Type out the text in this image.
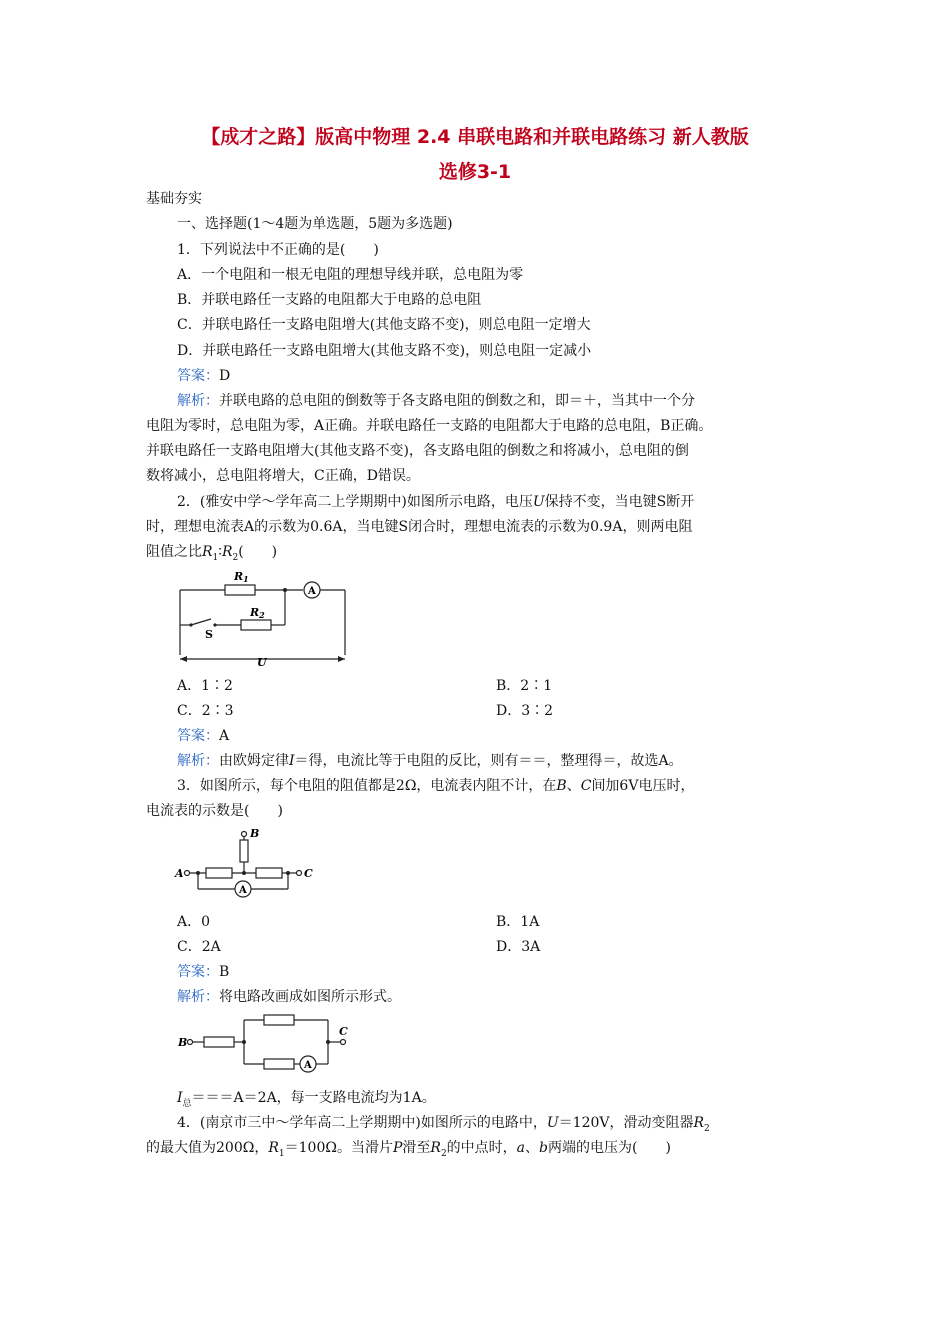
【成才之路】版高中物理 2.4 串联电路和并联电路练习 新人教版
选修3-1
基础夯实
一、选择题(1～4题为单选题，5题为多选题)
1．下列说法中不正确的是(　　)
A．一个电阻和一根无电阻的理想导线并联，总电阻为零
B．并联电路任一支路的电阻都大于电路的总电阻
C．并联电路任一支路电阻增大(其他支路不变)，则总电阻一定增大
D．并联电路任一支路电阻增大(其他支路不变)，则总电阻一定减小
答案：D
解析：并联电路的总电阻的倒数等于各支路电阻的倒数之和，即＝＋，当其中一个分
电阻为零时，总电阻为零，A正确。并联电路任一支路的电阻都大于电路的总电阻，B正确。
并联电路任一支路电阻增大(其他支路不变)，各支路电阻的倒数之和将减小，总电阻的倒
数将减小，总电阻将增大，C正确，D错误。
2．(雅安中学～学年高二上学期期中)如图所示电路，电压U保持不变，当电键S断开
时，理想电流表A的示数为0.6A，当电键S闭合时，理想电流表的示数为0.9A，则两电阻
阻值之比$R_1∶R_2$(　　)
R1
R2
A
S
U
A．1∶2	B．2∶1
C．2∶3	D．3∶2
答案：A
解析：由欧姆定律I＝得，电流比等于电阻的反比，则有＝＝，整理得＝，故选A。
3．如图所示，每个电阻的阻值都是2Ω，电流表内阻不计，在B、C间加6V电压时，
电流表的示数是(　　)
B
A	C
A
A．0	B．1A
C．2A	D．3A
答案：B
解析：将电路改画成如图所示形式。
B
C
A
$I_总===A=2A$，每一支路电流均为1A。
4．(南京市三中～学年高二上学期期中)如图所示的电路中，U＝120V，滑动变阻器$R_2$
的最大值为200Ω，$R_1=100\Omega$。当滑片P滑至$R_2$的中点时，a、b两端的电压为(　　)
